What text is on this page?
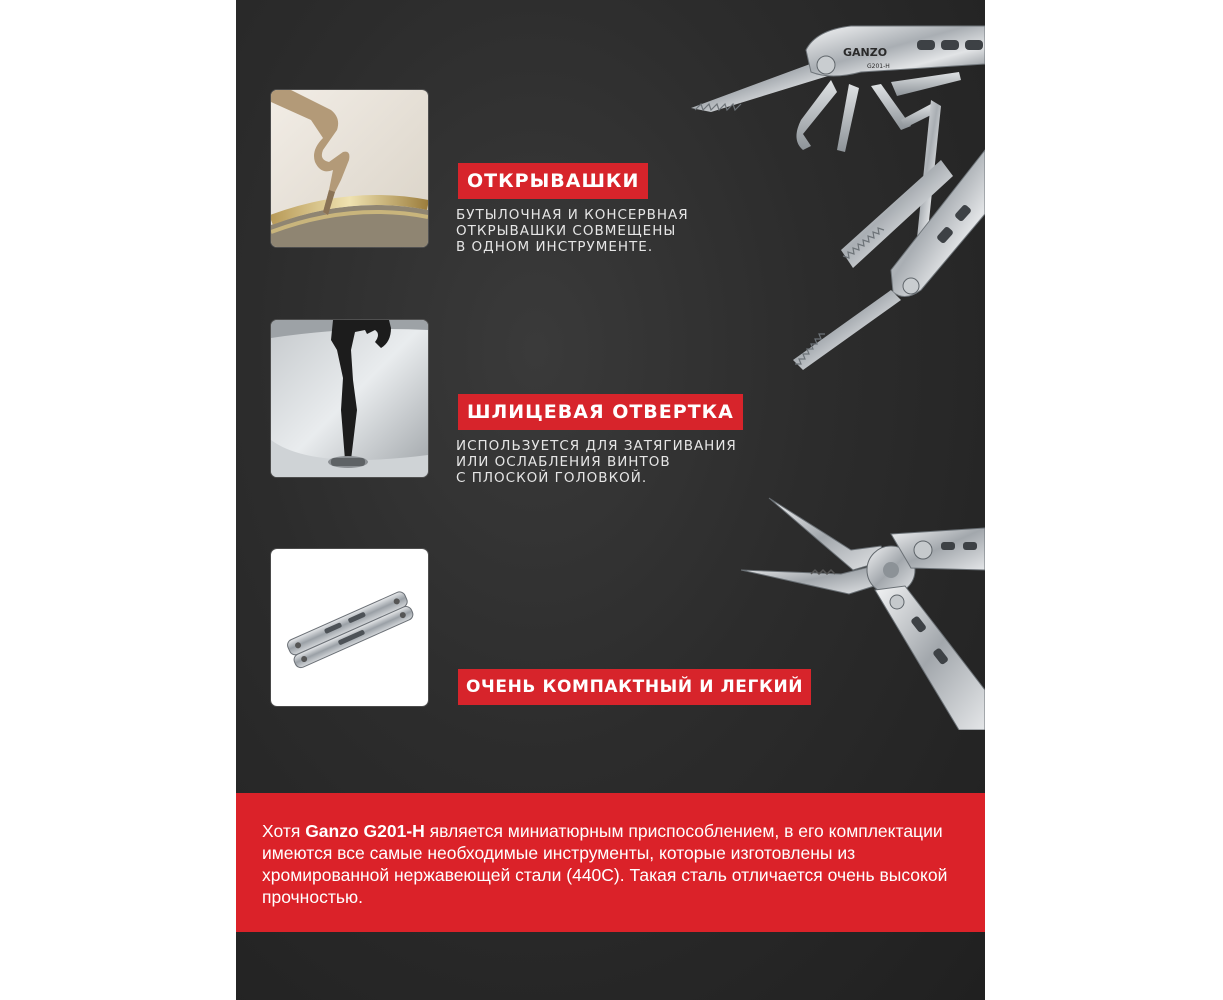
ОТКРЫВАШКИ
БУТЫЛОЧНАЯ И КОНСЕРВНАЯ
ОТКРЫВАШКИ СОВМЕЩЕНЫ
В ОДНОМ ИНСТРУМЕНТЕ.
ШЛИЦЕВАЯ ОТВЕРТКА
ИСПОЛЬЗУЕТСЯ ДЛЯ ЗАТЯГИВАНИЯ
ИЛИ ОСЛАБЛЕНИЯ ВИНТОВ
С ПЛОСКОЙ ГОЛОВКОЙ.
ОЧЕНЬ КОМПАКТНЫЙ И ЛЕГКИЙ
GANZO
G201-H
Хотя Ganzo G201-H является миниатюрным приспособлением, в его комплектации имеются все самые необходимые инструменты, которые изготовлены из хромированной нержавеющей стали (440С). Такая сталь отличается очень высокой прочностью.
